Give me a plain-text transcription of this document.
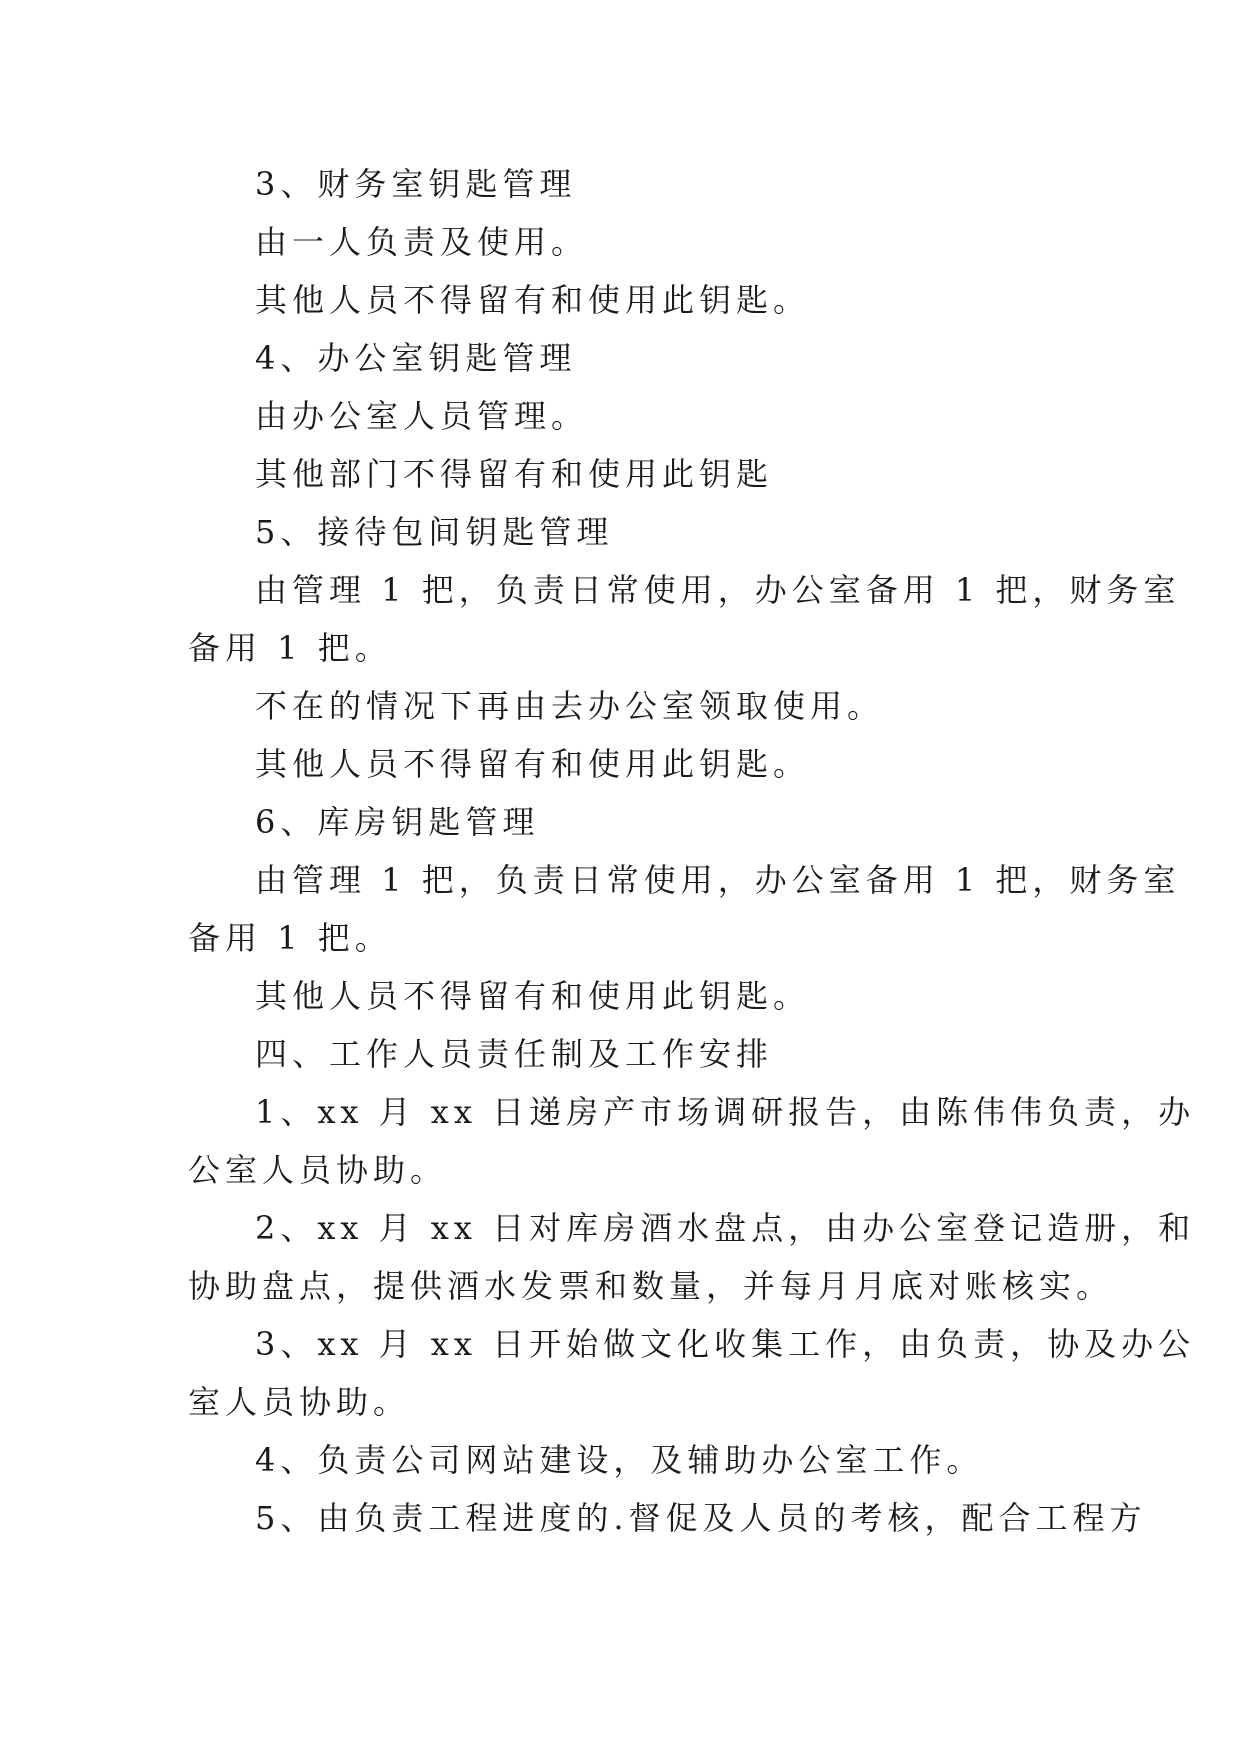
3、财务室钥匙管理

由一人负责及使用。

其他人员不得留有和使用此钥匙。

4、办公室钥匙管理

由办公室人员管理。

其他部门不得留有和使用此钥匙

5、接待包间钥匙管理

由管理 1 把，负责日常使用，办公室备用 1 把，财务室

备用 1 把。

不在的情况下再由去办公室领取使用。

其他人员不得留有和使用此钥匙。

6、库房钥匙管理

由管理 1 把，负责日常使用，办公室备用 1 把，财务室

备用 1 把。

其他人员不得留有和使用此钥匙。

四、工作人员责任制及工作安排

1、xx 月 xx 日递房产市场调研报告，由陈伟伟负责，办

公室人员协助。

2、xx 月 xx 日对库房酒水盘点，由办公室登记造册，和

协助盘点，提供酒水发票和数量，并每月月底对账核实。

3、xx 月 xx 日开始做文化收集工作，由负责，协及办公

室人员协助。

4、负责公司网站建设，及辅助办公室工作。

5、由负责工程进度的.督促及人员的考核，配合工程方
